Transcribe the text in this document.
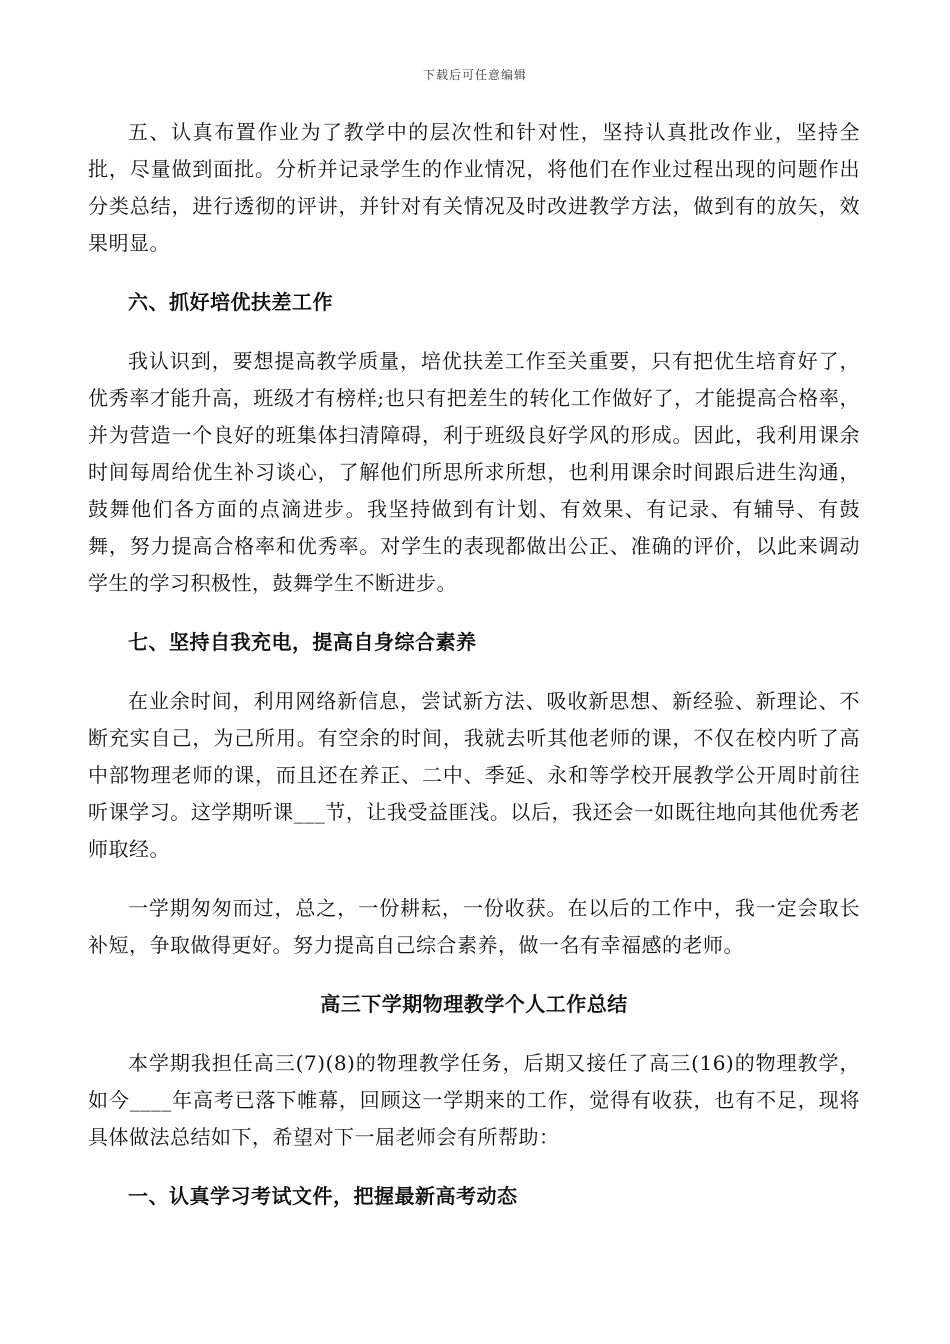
下载后可任意编辑

五、认真布置作业为了教学中的层次性和针对性，坚持认真批改作业，坚持全批，尽量做到面批。分析并记录学生的作业情况，将他们在作业过程出现的问题作出分类总结，进行透彻的评讲，并针对有关情况及时改进教学方法，做到有的放矢，效果明显。

六、抓好培优扶差工作

我认识到，要想提高教学质量，培优扶差工作至关重要，只有把优生培育好了，优秀率才能升高，班级才有榜样;也只有把差生的转化工作做好了，才能提高合格率，并为营造一个良好的班集体扫清障碍，利于班级良好学风的形成。因此，我利用课余时间每周给优生补习谈心，了解他们所思所求所想，也利用课余时间跟后进生沟通，鼓舞他们各方面的点滴进步。我坚持做到有计划、有效果、有记录、有辅导、有鼓舞，努力提高合格率和优秀率。对学生的表现都做出公正、准确的评价，以此来调动学生的学习积极性，鼓舞学生不断进步。

七、坚持自我充电，提高自身综合素养

在业余时间，利用网络新信息，尝试新方法、吸收新思想、新经验、新理论、不断充实自己，为己所用。有空余的时间，我就去听其他老师的课，不仅在校内听了高中部物理老师的课，而且还在养正、二中、季延、永和等学校开展教学公开周时前往听课学习。这学期听课___节，让我受益匪浅。以后，我还会一如既往地向其他优秀老师取经。

一学期匆匆而过，总之，一份耕耘，一份收获。在以后的工作中，我一定会取长补短，争取做得更好。努力提高自己综合素养，做一名有幸福感的老师。

高三下学期物理教学个人工作总结

本学期我担任高三(7)(8)的物理教学任务，后期又接任了高三(16)的物理教学，如今____年高考已落下帷幕，回顾这一学期来的工作，觉得有收获，也有不足，现将具体做法总结如下，希望对下一届老师会有所帮助：

一、认真学习考试文件，把握最新高考动态
